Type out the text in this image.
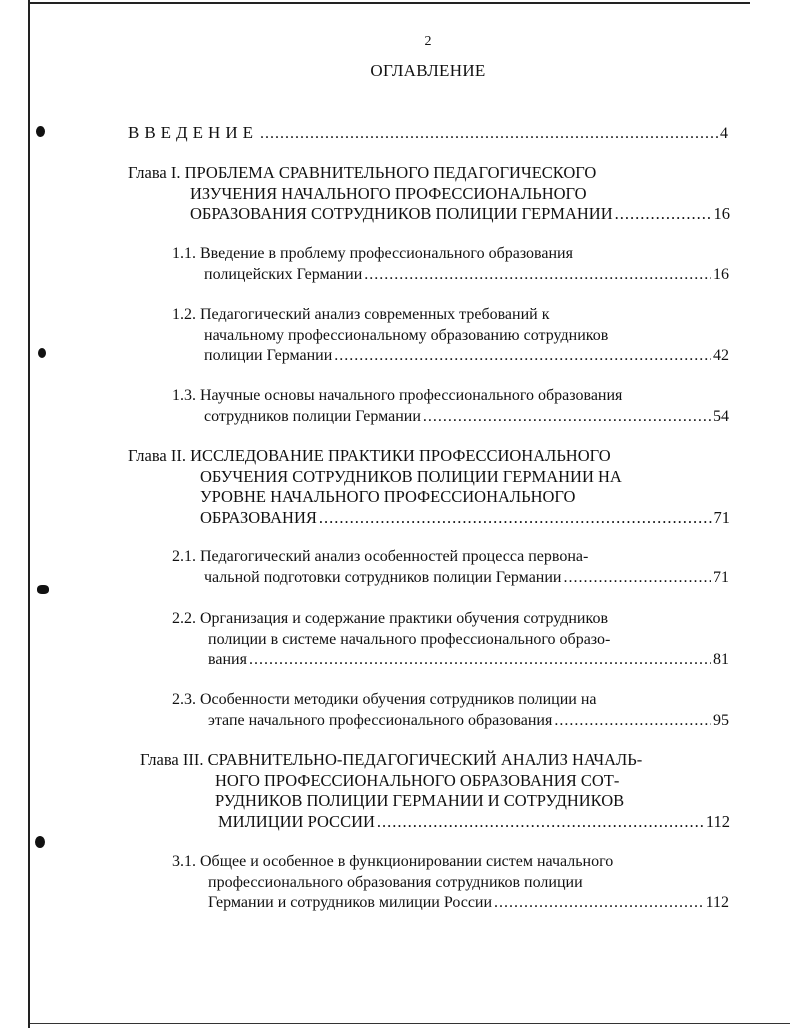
2
ОГЛАВЛЕНИЕ
ВВЕДЕНИЕ .....	4
Глава I. ПРОБЛЕМА СРАВНИТЕЛЬНОГО ПЕДАГОГИЧЕСКОГО
ИЗУЧЕНИЯ НАЧАЛЬНОГО ПРОФЕССИОНАЛЬНОГО
ОБРАЗОВАНИЯ СОТРУДНИКОВ ПОЛИЦИИ ГЕРМАНИИ .....	16
1.1. Введение в проблему профессионального образования
полицейских Германии .....	16
1.2. Педагогический анализ современных требований к
начальному профессиональному образованию сотрудников
полиции Германии .....	42
1.3. Научные основы начального профессионального образования
сотрудников полиции Германии .....	54
Глава II. ИССЛЕДОВАНИЕ ПРАКТИКИ ПРОФЕССИОНАЛЬНОГО
ОБУЧЕНИЯ СОТРУДНИКОВ ПОЛИЦИИ ГЕРМАНИИ НА
УРОВНЕ НАЧАЛЬНОГО ПРОФЕССИОНАЛЬНОГО
ОБРАЗОВАНИЯ .....	71
2.1. Педагогический анализ особенностей процесса первона-
чальной подготовки сотрудников полиции Германии .....	71
2.2. Организация и содержание практики обучения сотрудников
полиции в системе начального профессионального образо-
вания .....	81
2.3. Особенности методики обучения сотрудников полиции на
этапе начального профессионального образования .....	95
Глава III. СРАВНИТЕЛЬНО-ПЕДАГОГИЧЕСКИЙ АНАЛИЗ НАЧАЛЬ-
НОГО ПРОФЕССИОНАЛЬНОГО ОБРАЗОВАНИЯ СОТ-
РУДНИКОВ ПОЛИЦИИ ГЕРМАНИИ И СОТРУДНИКОВ
МИЛИЦИИ РОССИИ .....	112
3.1. Общее и особенное в функционировании систем начального
профессионального образования сотрудников полиции
Германии и сотрудников милиции России .....	112
